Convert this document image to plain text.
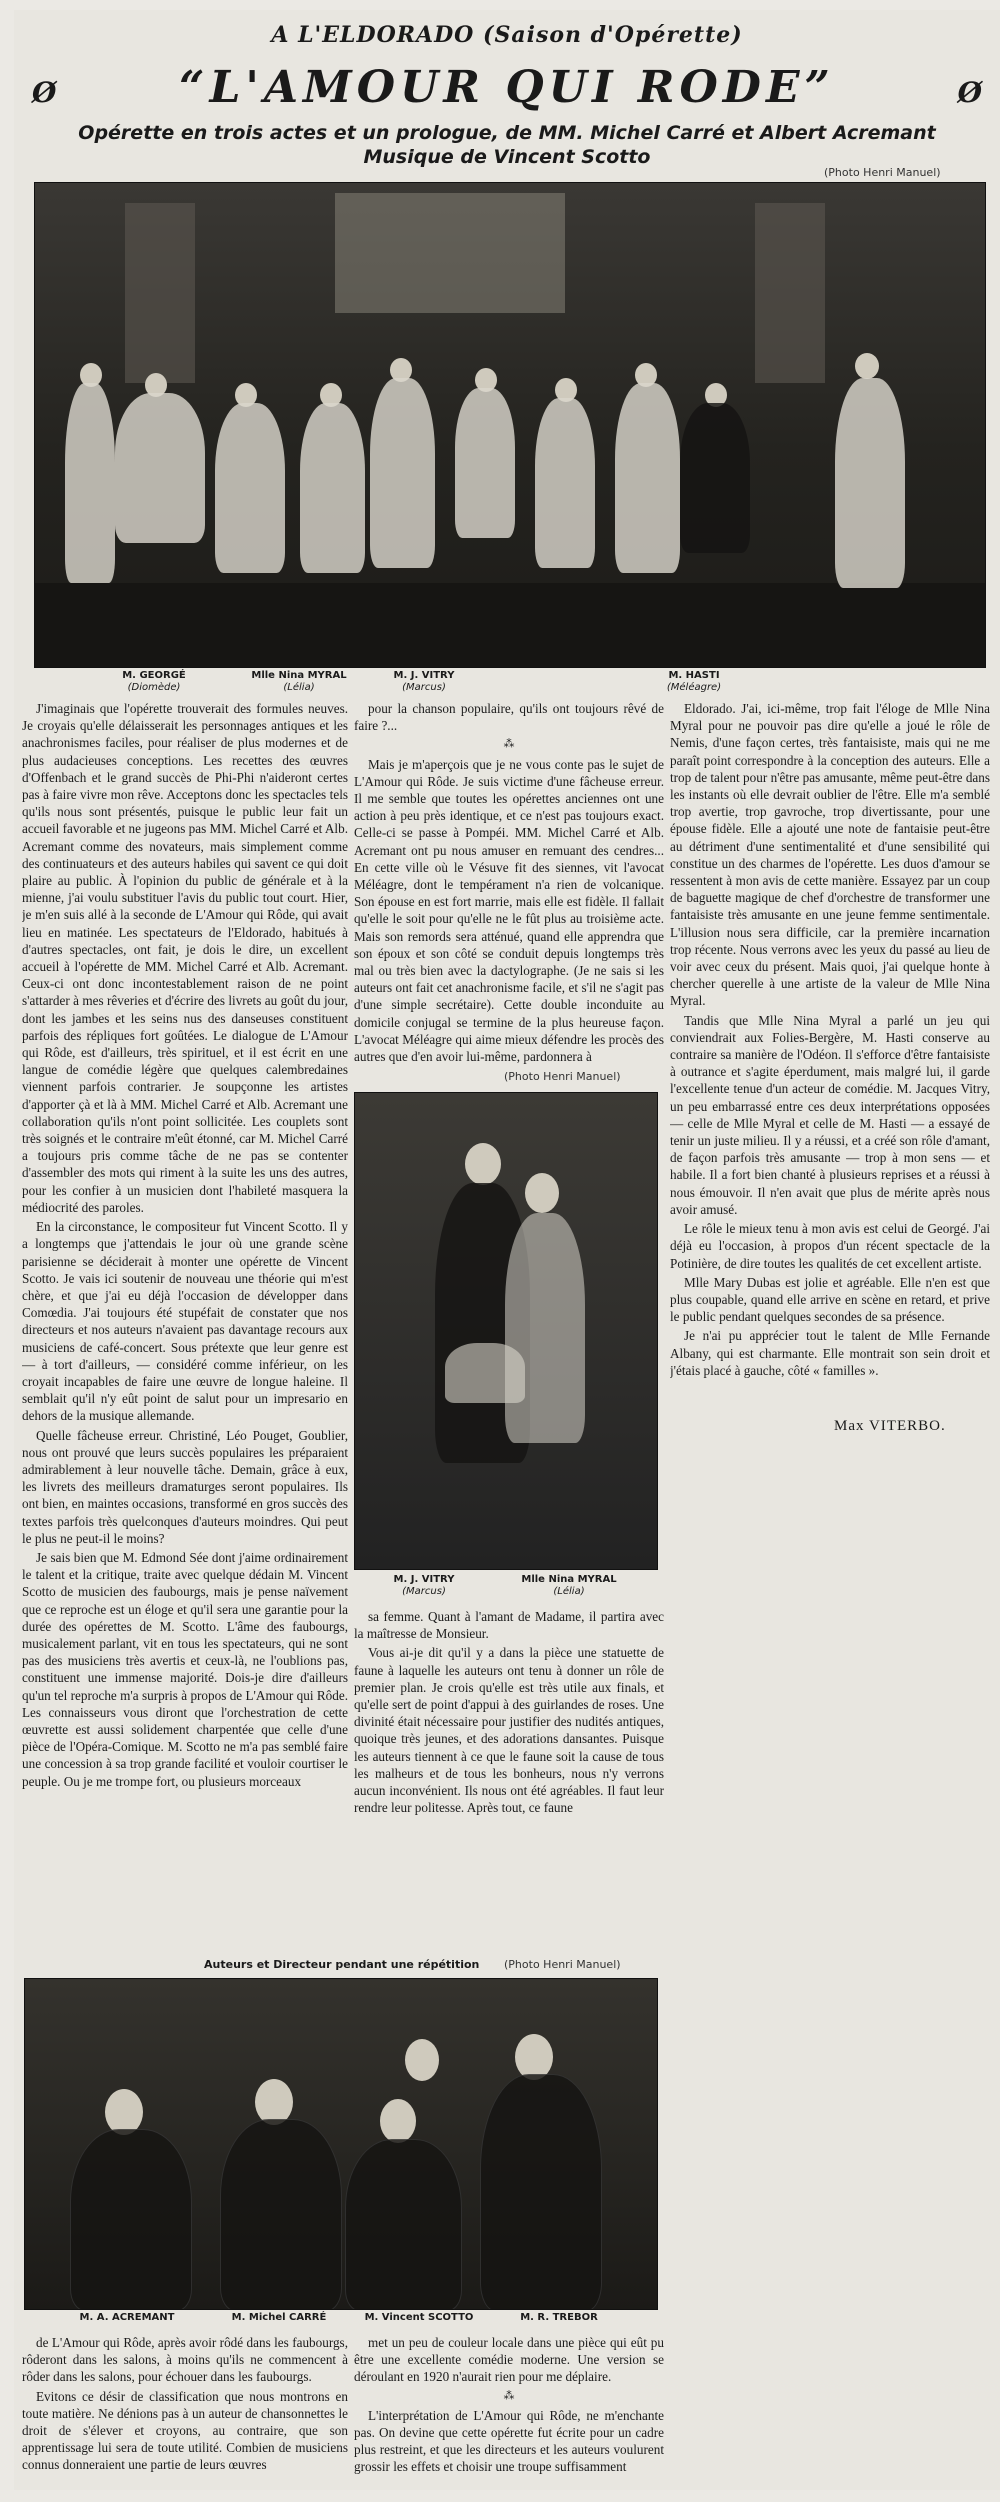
A L'ELDORADO (Saison d'Opérette)
Ø	Ø
“L'AMOUR QUI RODE”
Opérette en trois actes et un prologue, de MM. Michel Carré et Albert Acremant
Musique de Vincent Scotto
(Photo Henri Manuel)
M. GEORGÉ
(Diomède)
Mlle Nina MYRAL
(Lélia)
M. J. VITRY
(Marcus)
M. HASTI
(Méléagre)

J'imaginais que l'opérette trouverait des formules neuves. Je croyais qu'elle délaisserait les personnages antiques et les anachronismes faciles, pour réaliser de plus modernes et de plus audacieuses conceptions. Les recettes des œuvres d'Offenbach et le grand succès de Phi-Phi n'aideront certes pas à faire vivre mon rêve. Acceptons donc les spectacles tels qu'ils nous sont présentés, puisque le public leur fait un accueil favorable et ne jugeons pas MM. Michel Carré et Alb. Acremant comme des novateurs, mais simplement comme des continuateurs et des auteurs habiles qui savent ce qui doit plaire au public. À l'opinion du public de générale et à la mienne, j'ai voulu substituer l'avis du public tout court. Hier, je m'en suis allé à la seconde de L'Amour qui Rôde, qui avait lieu en matinée. Les spectateurs de l'Eldorado, habitués à d'autres spectacles, ont fait, je dois le dire, un excellent accueil à l'opérette de MM. Michel Carré et Alb. Acremant. Ceux-ci ont donc incontestablement raison de ne point s'attarder à mes rêveries et d'écrire des livrets au goût du jour, dont les jambes et les seins nus des danseuses constituent parfois des répliques fort goûtées. Le dialogue de L'Amour qui Rôde, est d'ailleurs, très spirituel, et il est écrit en une langue de comédie légère que quelques calembredaines viennent parfois contrarier. Je soupçonne les artistes d'apporter çà et là à MM. Michel Carré et Alb. Acremant une collaboration qu'ils n'ont point sollicitée. Les couplets sont très soignés et le contraire m'eût étonné, car M. Michel Carré a toujours pris comme tâche de ne pas se contenter d'assembler des mots qui riment à la suite les uns des autres, pour les confier à un musicien dont l'habileté masquera la médiocrité des paroles.

En la circonstance, le compositeur fut Vincent Scotto. Il y a longtemps que j'attendais le jour où une grande scène parisienne se déciderait à monter une opérette de Vincent Scotto. Je vais ici soutenir de nouveau une théorie qui m'est chère, et que j'ai eu déjà l'occasion de développer dans Comœdia. J'ai toujours été stupéfait de constater que nos directeurs et nos auteurs n'avaient pas davantage recours aux musiciens de café-concert. Sous prétexte que leur genre est — à tort d'ailleurs, — considéré comme inférieur, on les croyait incapables de faire une œuvre de longue haleine. Il semblait qu'il n'y eût point de salut pour un impresario en dehors de la musique allemande.

Quelle fâcheuse erreur. Christiné, Léo Pouget, Goublier, nous ont prouvé que leurs succès populaires les préparaient admirablement à leur nouvelle tâche. Demain, grâce à eux, les livrets des meilleurs dramaturges seront populaires. Ils ont bien, en maintes occasions, transformé en gros succès des textes parfois très quelconques d'auteurs moindres. Qui peut le plus ne peut-il le moins?

Je sais bien que M. Edmond Sée dont j'aime ordinairement le talent et la critique, traite avec quelque dédain M. Vincent Scotto de musicien des faubourgs, mais je pense naïvement que ce reproche est un éloge et qu'il sera une garantie pour la durée des opérettes de M. Scotto. L'âme des faubourgs, musicalement parlant, vit en tous les spectateurs, qui ne sont pas des musiciens très avertis et ceux-là, ne l'oublions pas, constituent une immense majorité. Dois-je dire d'ailleurs qu'un tel reproche m'a surpris à propos de L'Amour qui Rôde. Les connaisseurs vous diront que l'orchestration de cette œuvrette est aussi solidement charpentée que celle d'une pièce de l'Opéra-Comique. M. Scotto ne m'a pas semblé faire une concession à sa trop grande facilité et vouloir courtiser le peuple. Ou je me trompe fort, ou plusieurs morceaux

pour la chanson populaire, qu'ils ont toujours rêvé de faire ?...

⁂

Mais je m'aperçois que je ne vous conte pas le sujet de L'Amour qui Rôde. Je suis victime d'une fâcheuse erreur. Il me semble que toutes les opérettes anciennes ont une action à peu près identique, et ce n'est pas toujours exact. Celle-ci se passe à Pompéi. MM. Michel Carré et Alb. Acremant ont pu nous amuser en remuant des cendres... En cette ville où le Vésuve fit des siennes, vit l'avocat Méléagre, dont le tempérament n'a rien de volcanique. Son épouse en est fort marrie, mais elle est fidèle. Il fallait qu'elle le soit pour qu'elle ne le fût plus au troisième acte. Mais son remords sera atténué, quand elle apprendra que son époux et son côté se conduit depuis longtemps très mal ou très bien avec la dactylographe. (Je ne sais si les auteurs ont fait cet anachronisme facile, et s'il ne s'agit pas d'une simple secrétaire). Cette double inconduite au domicile conjugal se termine de la plus heureuse façon. L'avocat Méléagre qui aime mieux défendre les procès des autres que d'en avoir lui-même, pardonnera à

(Photo Henri Manuel)
M. J. VITRY
(Marcus)
Mlle Nina MYRAL
(Lélia)

sa femme. Quant à l'amant de Madame, il partira avec la maîtresse de Monsieur.

Vous ai-je dit qu'il y a dans la pièce une statuette de faune à laquelle les auteurs ont tenu à donner un rôle de premier plan. Je crois qu'elle est très utile aux finals, et qu'elle sert de point d'appui à des guirlandes de roses. Une divinité était nécessaire pour justifier des nudités antiques, quoique très jeunes, et des adorations dansantes. Puisque les auteurs tiennent à ce que le faune soit la cause de tous les malheurs et de tous les bonheurs, nous n'y verrons aucun inconvénient. Ils nous ont été agréables. Il faut leur rendre leur politesse. Après tout, ce faune

Eldorado. J'ai, ici-même, trop fait l'éloge de Mlle Nina Myral pour ne pouvoir pas dire qu'elle a joué le rôle de Nemis, d'une façon certes, très fantaisiste, mais qui ne me paraît point correspondre à la conception des auteurs. Elle a trop de talent pour n'être pas amusante, même peut-être dans les instants où elle devrait oublier de l'être. Elle m'a semblé trop avertie, trop gavroche, trop divertissante, pour une épouse fidèle. Elle a ajouté une note de fantaisie peut-être au détriment d'une sentimentalité et d'une sensibilité qui constitue un des charmes de l'opérette. Les duos d'amour se ressentent à mon avis de cette manière. Essayez par un coup de baguette magique de chef d'orchestre de transformer une fantaisiste très amusante en une jeune femme sentimentale. L'illusion nous sera difficile, car la première incarnation trop récente. Nous verrons avec les yeux du passé au lieu de voir avec ceux du présent. Mais quoi, j'ai quelque honte à chercher querelle à une artiste de la valeur de Mlle Nina Myral.

Tandis que Mlle Nina Myral a parlé un jeu qui conviendrait aux Folies-Bergère, M. Hasti conserve au contraire sa manière de l'Odéon. Il s'efforce d'être fantaisiste à outrance et s'agite éperdument, mais malgré lui, il garde l'excellente tenue d'un acteur de comédie. M. Jacques Vitry, un peu embarrassé entre ces deux interprétations opposées — celle de Mlle Myral et celle de M. Hasti — a essayé de tenir un juste milieu. Il y a réussi, et a créé son rôle d'amant, de façon parfois très amusante — trop à mon sens — et habile. Il a fort bien chanté à plusieurs reprises et a réussi à nous émouvoir. Il n'en avait que plus de mérite après nous avoir amusé.

Le rôle le mieux tenu à mon avis est celui de Georgé. J'ai déjà eu l'occasion, à propos d'un récent spectacle de la Potinière, de dire toutes les qualités de cet excellent artiste.

Mlle Mary Dubas est jolie et agréable. Elle n'en est que plus coupable, quand elle arrive en scène en retard, et prive le public pendant quelques secondes de sa présence.

Je n'ai pu apprécier tout le talent de Mlle Fernande Albany, qui est charmante. Elle montrait son sein droit et j'étais placé à gauche, côté « familles ».

Max VITERBO.
Auteurs et Directeur pendant une répétition (Photo Henri Manuel)
M. A. ACREMANT	M. Michel CARRÉ	M. Vincent SCOTTO	M. R. TREBOR

de L'Amour qui Rôde, après avoir rôdé dans les faubourgs, rôderont dans les salons, à moins qu'ils ne commencent à rôder dans les salons, pour échouer dans les faubourgs.

Evitons ce désir de classification que nous montrons en toute matière. Ne dénions pas à un auteur de chansonnettes le droit de s'élever et croyons, au contraire, que son apprentissage lui sera de toute utilité. Combien de musiciens connus donneraient une partie de leurs œuvres

met un peu de couleur locale dans une pièce qui eût pu être une excellente comédie moderne. Une version se déroulant en 1920 n'aurait rien pour me déplaire.

⁂

L'interprétation de L'Amour qui Rôde, ne m'enchante pas. On devine que cette opérette fut écrite pour un cadre plus restreint, et que les directeurs et les auteurs voulurent grossir les effets et choisir une troupe suffisamment
